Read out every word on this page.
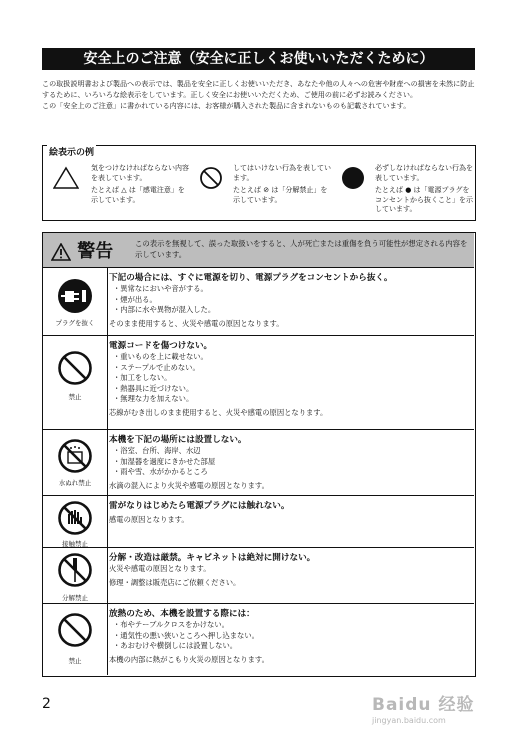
安全上のご注意（安全に正しくお使いいただくために）

この取扱説明書および製品への表示では、製品を安全に正しくお使いいただき、あなたや他の人々への危害や財産への損害を未然に防止するために、いろいろな絵表示をしています。正しく安全にお使いいただくため、ご使用の前に必ずお読みください。

この「安全上のご注意」に書かれている内容には、お客様が購入された製品に含まれないものも記載されています。

絵表示の例
気をつけなければならない内容を表しています。
たとえば △ は「感電注意」を示しています。
してはいけない行為を表しています。
たとえば ⊘ は「分解禁止」を示しています。
必ずしなければならない行為を表しています。
たとえば ● は「電源プラグをコンセントから抜くこと」を示しています。
警告	この表示を無視して、誤った取扱いをすると、人が死亡または重傷を負う可能性が想定される内容を示しています。
プラグを抜く
下記の場合には、すぐに電源を切り、電源プラグをコンセントから抜く。
・異常なにおいや音がする。
・煙が出る。
・内部に水や異物が混入した。
そのまま使用すると、火災や感電の原因となります。
禁止
電源コードを傷つけない。
・重いものを上に載せない。
・ステープルで止めない。
・加工をしない。
・熱器具に近づけない。
・無理な力を加えない。
芯線がむき出しのまま使用すると、火災や感電の原因となります。
水ぬれ禁止
本機を下記の場所には設置しない。
・浴室、台所、海岸、水辺
・加湿器を過度にきかせた部屋
・雨や雪、水がかかるところ
水滴の混入により火災や感電の原因となります。
接触禁止
雷がなりはじめたら電源プラグには触れない。
感電の原因となります。
分解禁止
分解・改造は厳禁。キャビネットは絶対に開けない。
火災や感電の原因となります。
修理・調整は販売店にご依頼ください。
禁止
放熱のため、本機を設置する際には：
・布やテーブルクロスをかけない。
・通気性の悪い狭いところへ押し込まない。
・あおむけや横倒しには設置しない。
本機の内部に熱がこもり火災の原因となります。
2	Baidu 经验
jingyan.baidu.com
